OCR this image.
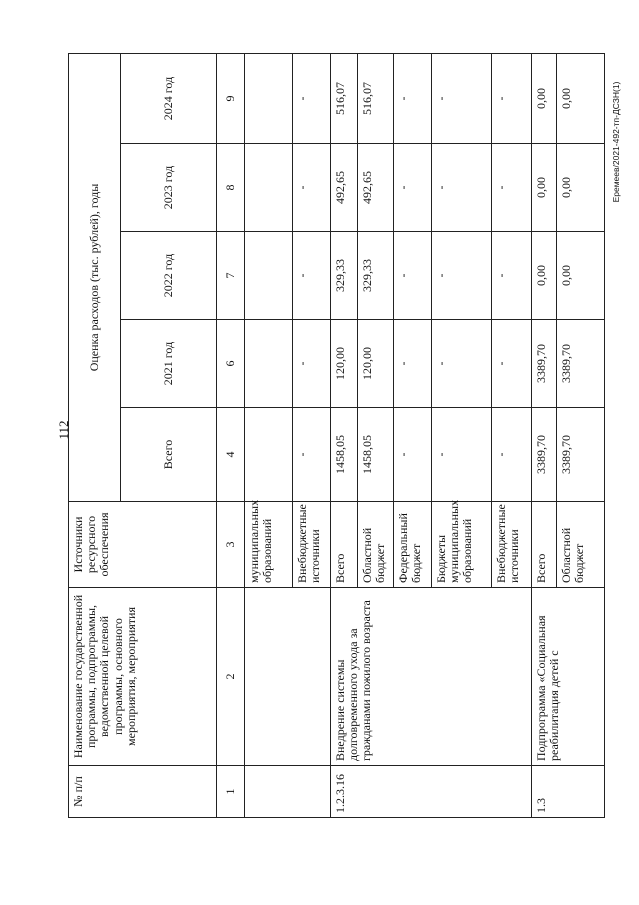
112
Еремеев/2021-492-тп-ДСЗН(1)
№ п/п	Наименование государственной программы, подпрограммы, ведомственной целевой программы, основного мероприятия, мероприятия	Источники ресурсного обеспечения	Оценка расходов (тыс. рублей), годы				
			Всего	2021 год	2022 год	2023 год	2024 год
1	2	3	4	6	7	8	9
		муниципальных образований					
		Внебюджетные источники	-	-	-	-	-
1.2.3.16	Внедрение системы долговременного ухода за гражданами пожилого возраста	Всего	1458,05	120,00	329,33	492,65	516,07
		Областной бюджет	1458,05	120,00	329,33	492,65	516,07
		Федеральный бюджет	-	-	-	-	-
		Бюджеты муниципальных образований	-	-	-	-	-
		Внебюджетные источники	-	-	-	-	-
1.3	Подпрограмма «Социальная реабилитация детей с	Всего	3389,70	3389,70	0,00	0,00	0,00
		Областной бюджет	3389,70	3389,70	0,00	0,00	0,00
